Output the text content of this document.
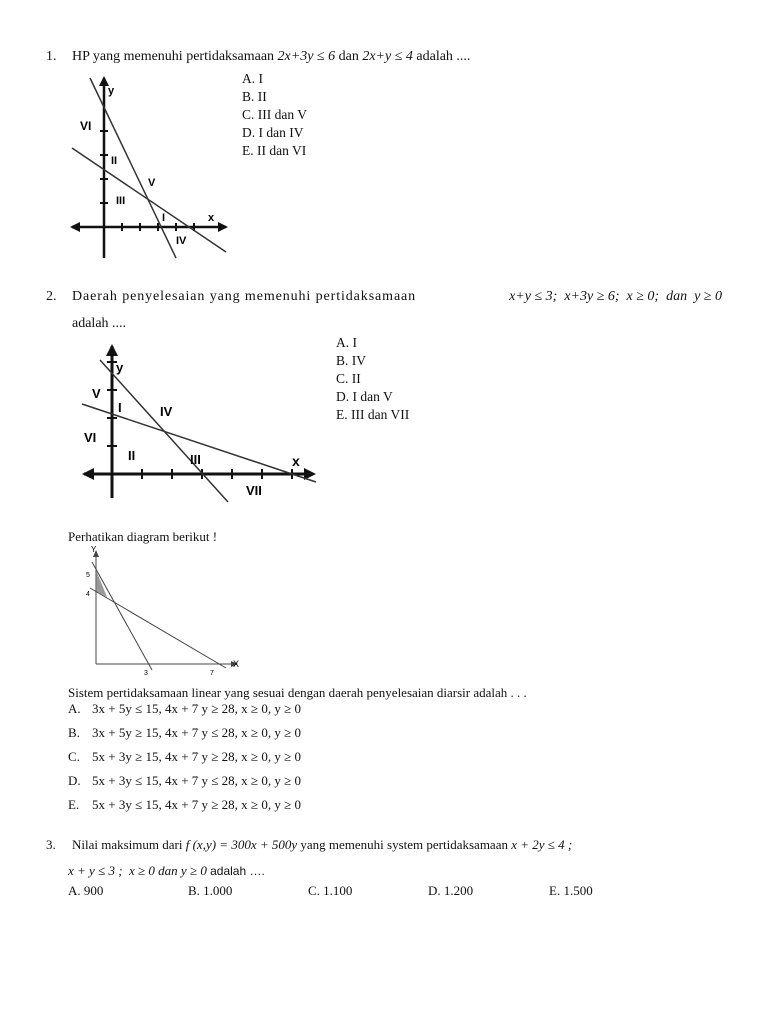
1. HP yang memenuhi pertidaksamaan 2x+3y ≤ 6 dan 2x+y ≤ 4 adalah ....
y
VI
II
V
III
I	x
IV
A. I
B. II
C. III dan V
D. I dan IV
E. II dan VI
2. Daerah penyelesaian yang memenuhi pertidaksamaan	x+y ≤ 3;  x+3y ≥ 6;  x ≥ 0;  dan  y ≥ 0
adalah ....
y
V
I	IV
VI
II	III	x
VII
A. I
B. IV
C. II
D. I dan V
E. III dan VII
Perhatikan diagram berikut !
Y
5
4
3	7
X
Sistem pertidaksamaan linear yang sesuai dengan daerah penyelesaian diarsir adalah . . .
A. 3x + 5y ≤ 15, 4x + 7 y ≥ 28, x ≥ 0, y ≥ 0
B. 3x + 5y ≥ 15, 4x + 7 y ≤ 28, x ≥ 0, y ≥ 0
C. 5x + 3y ≥ 15, 4x + 7 y ≥ 28, x ≥ 0, y ≥ 0
D. 5x + 3y ≤ 15, 4x + 7 y ≤ 28, x ≥ 0, y ≥ 0
E. 5x + 3y ≤ 15, 4x + 7 y ≥ 28, x ≥ 0, y ≥ 0
3. Nilai maksimum dari f (x,y) = 300x + 500y yang memenuhi system pertidaksamaan x + 2y ≤ 4 ;
x + y ≤ 3 ;  x ≥ 0 dan y ≥ 0 adalah ….
A. 900	B. 1.000	C. 1.100	D. 1.200	E. 1.500
